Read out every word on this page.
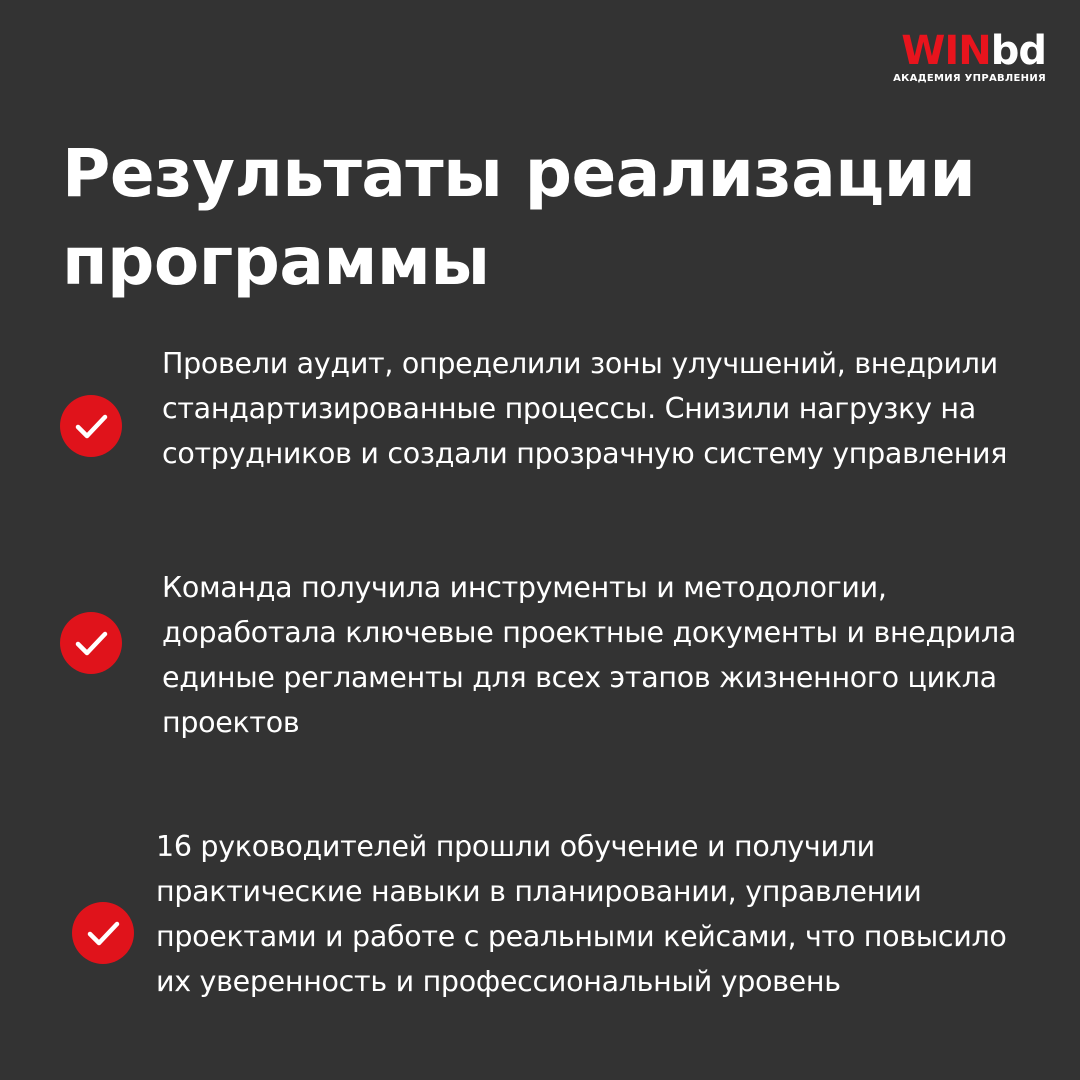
WINbd
АКАДЕМИЯ УПРАВЛЕНИЯ
Результаты реализации программы

Провели аудит, определили зоны улучшений, внедрили стандартизированные процессы. Снизили нагрузку на сотрудников и создали прозрачную систему управления

Команда получила инструменты и методологии, доработала ключевые проектные документы и внедрила единые регламенты для всех этапов жизненного цикла проектов

16 руководителей прошли обучение и получили практические навыки в планировании, управлении проектами и работе с реальными кейсами, что повысило их уверенность и профессиональный уровень
